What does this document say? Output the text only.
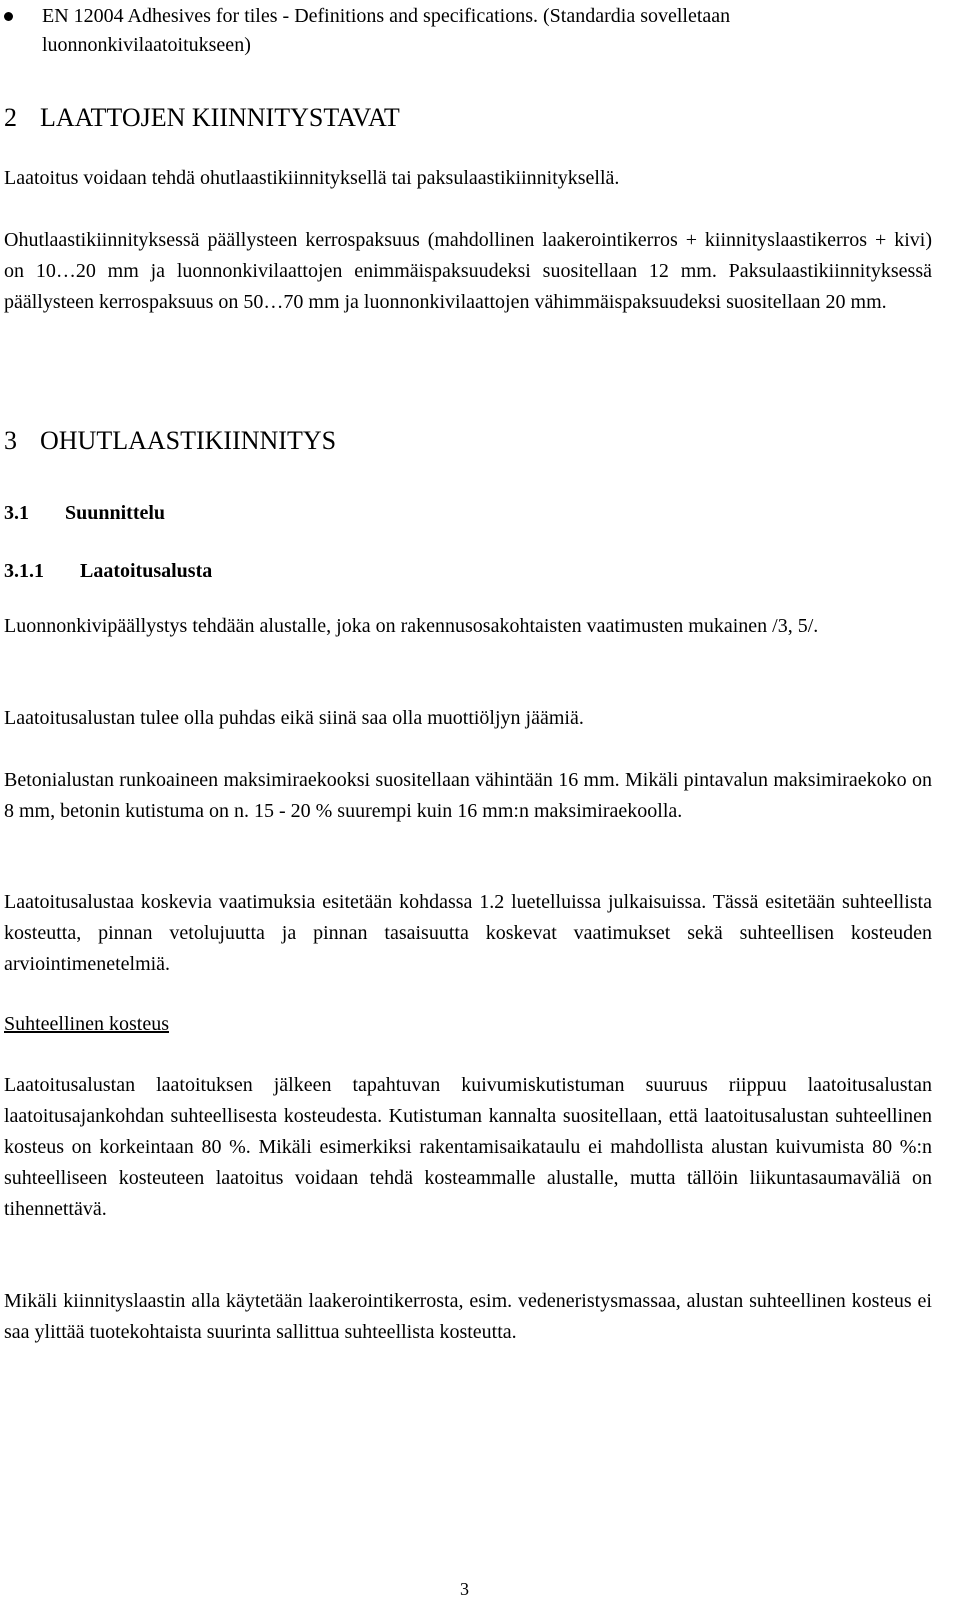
EN 12004 Adhesives for tiles - Definitions and specifications. (Standardia sovelletaan luonnonkivilaatoitukseen)
2 LAATTOJEN KIINNITYSTAVAT
Laatoitus voidaan tehdä ohutlaastikiinnityksellä tai paksulaastikiinnityksellä.
Ohutlaastikiinnityksessä päällysteen kerrospaksuus (mahdollinen laakerointikerros + kiinnityslaastikerros + kivi) on 10…20 mm ja luonnonkivilaattojen enimmäispaksuudeksi suositellaan 12 mm. Paksulaastikiinnityksessä päällysteen kerrospaksuus on 50…70 mm ja luonnonkivilaattojen vähimmäispaksuudeksi suositellaan 20 mm.
3 OHUTLAASTIKIINNITYS
3.1 Suunnittelu
3.1.1 Laatoitusalusta
Luonnonkivipäällystys tehdään alustalle, joka on rakennusosakohtaisten vaatimusten mukainen /3, 5/.
Laatoitusalustan tulee olla puhdas eikä siinä saa olla muottiöljyn jäämiä.
Betonialustan runkoaineen maksimiraekooksi suositellaan vähintään 16 mm. Mikäli pintavalun maksimiraekoko on 8 mm, betonin kutistuma on n. 15 - 20 % suurempi kuin 16 mm:n maksimiraekoolla.
Laatoitusalustaa koskevia vaatimuksia esitetään kohdassa 1.2 luetelluissa julkaisuissa. Tässä esitetään suhteellista kosteutta, pinnan vetolujuutta ja pinnan tasaisuutta koskevat vaatimukset sekä suhteellisen kosteuden arviointimenetelmiä.
Suhteellinen kosteus
Laatoitusalustan laatoituksen jälkeen tapahtuvan kuivumiskutistuman suuruus riippuu laatoitusalustan laatoitusajankohdan suhteellisesta kosteudesta. Kutistuman kannalta suositellaan, että laatoitusalustan suhteellinen kosteus on korkeintaan 80 %. Mikäli esimerkiksi rakentamisaikataulu ei mahdollista alustan kuivumista 80 %:n suhteelliseen kosteuteen laatoitus voidaan tehdä kosteammalle alustalle, mutta tällöin liikuntasaumaväliä on tihennettävä.
Mikäli kiinnityslaastin alla käytetään laakerointikerrosta, esim. vedeneristysmassaa, alustan suhteellinen kosteus ei saa ylittää tuotekohtaista suurinta sallittua suhteellista kosteutta.
3
